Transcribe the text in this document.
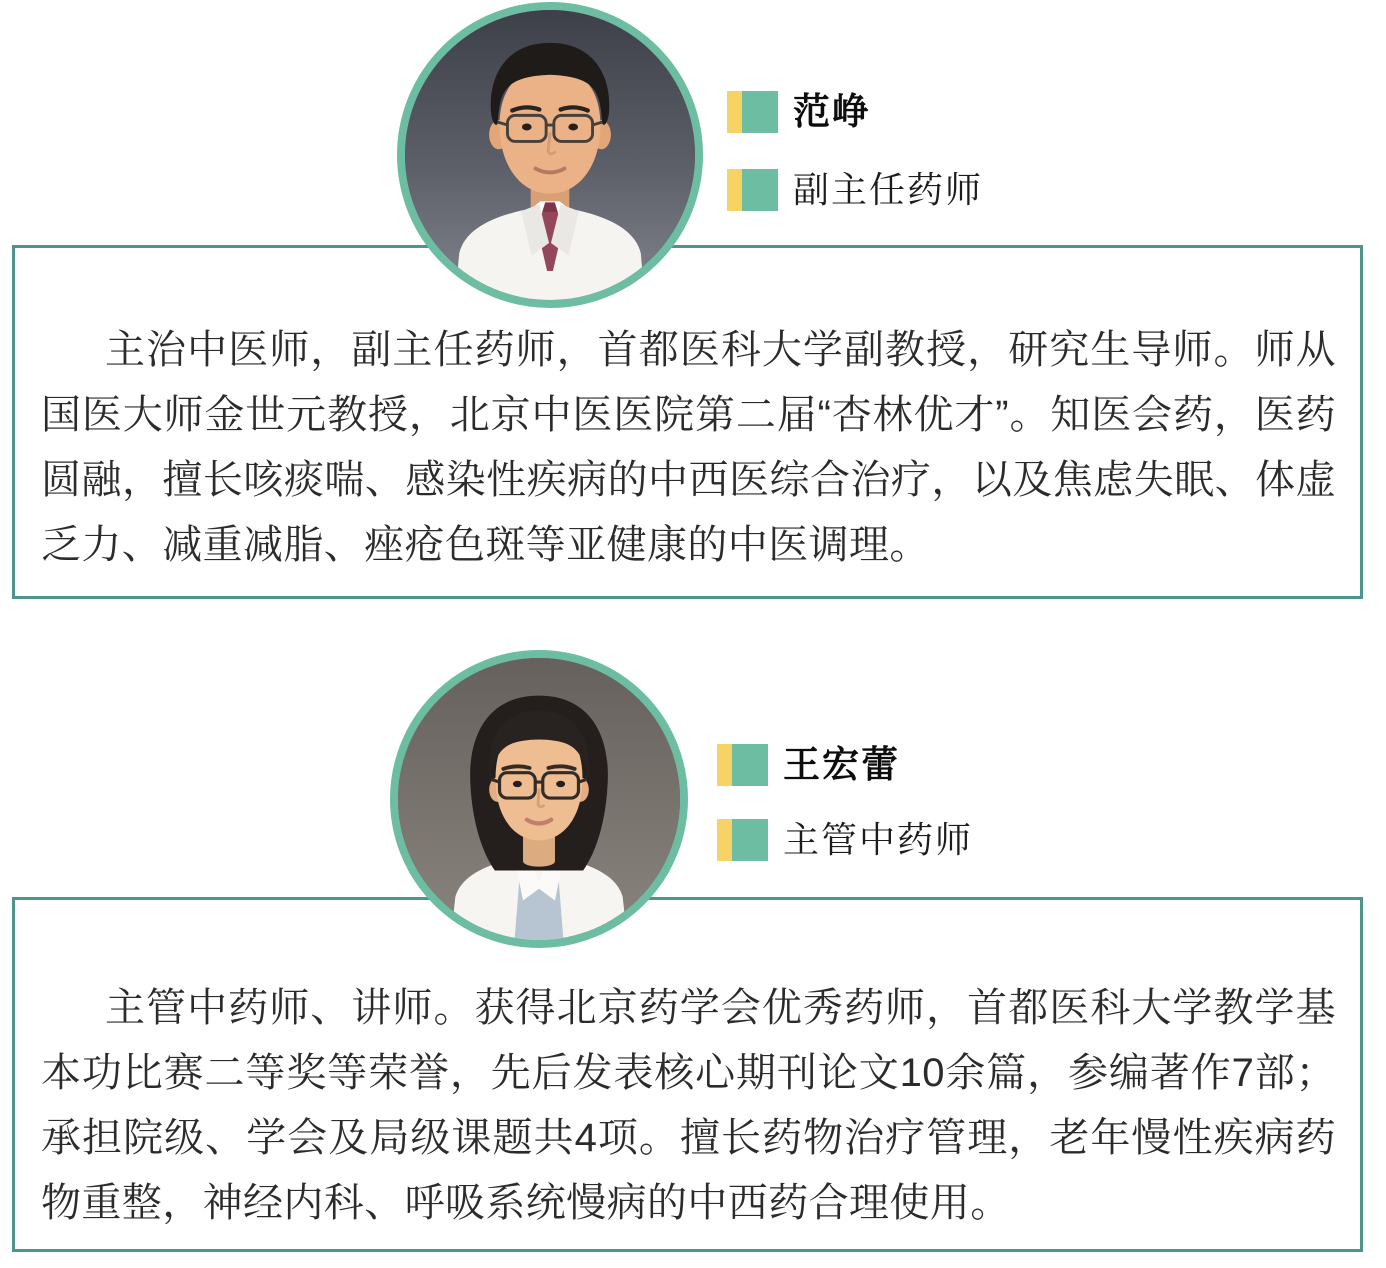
范峥
副主任药师

主治中医师，副主任药师，首都医科大学副教授，研究生导师。师从国医大师金世元教授，北京中医医院第二届“杏林优才”。知医会药，医药圆融，擅长咳痰喘、感染性疾病的中西医综合治疗，以及焦虑失眠、体虚乏力、减重减脂、痤疮色斑等亚健康的中医调理。

王宏蕾
主管中药师

主管中药师、讲师。获得北京药学会优秀药师，首都医科大学教学基本功比赛二等奖等荣誉，先后发表核心期刊论文10余篇，参编著作7部；承担院级、学会及局级课题共4项。擅长药物治疗管理，老年慢性疾病药物重整，神经内科、呼吸系统慢病的中西药合理使用。
